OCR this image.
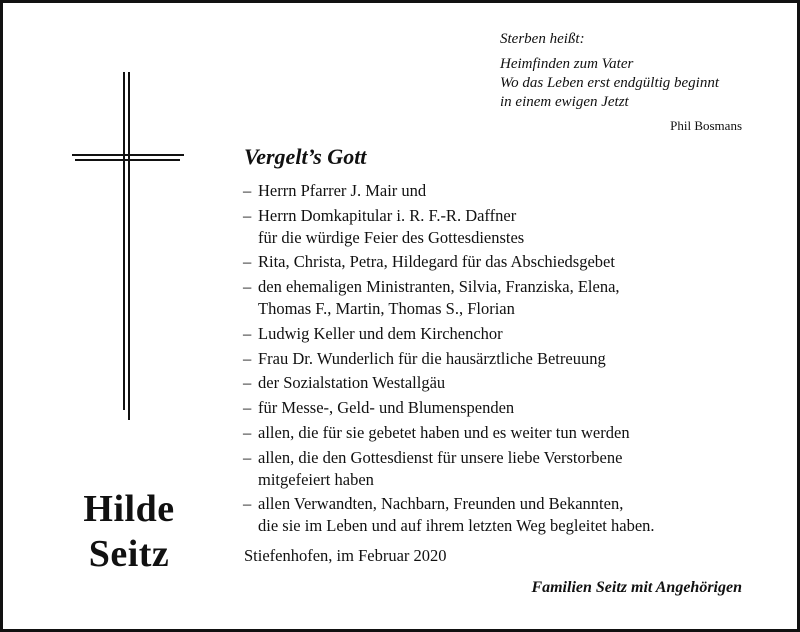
Sterben heißt:
Heimfinden zum Vater
Wo das Leben erst endgültig beginnt
in einem ewigen Jetzt
Phil Bosmans
Vergelt’s Gott
– Herrn Pfarrer J. Mair und
– Herrn Domkapitular i. R. F.-R. Daffner
für die würdige Feier des Gottesdienstes
– Rita, Christa, Petra, Hildegard für das Abschiedsgebet
– den ehemaligen Ministranten, Silvia, Franziska, Elena,
Thomas F., Martin, Thomas S., Florian
– Ludwig Keller und dem Kirchenchor
– Frau Dr. Wunderlich für die hausärztliche Betreuung
– der Sozialstation Westallgäu
– für Messe-, Geld- und Blumenspenden
– allen, die für sie gebetet haben und es weiter tun werden
– allen, die den Gottesdienst für unsere liebe Verstorbene
mitgefeiert haben
– allen Verwandten, Nachbarn, Freunden und Bekannten,
die sie im Leben und auf ihrem letzten Weg begleitet haben.
Hilde
Seitz	Stiefenhofen, im Februar 2020
Familien Seitz mit Angehörigen
